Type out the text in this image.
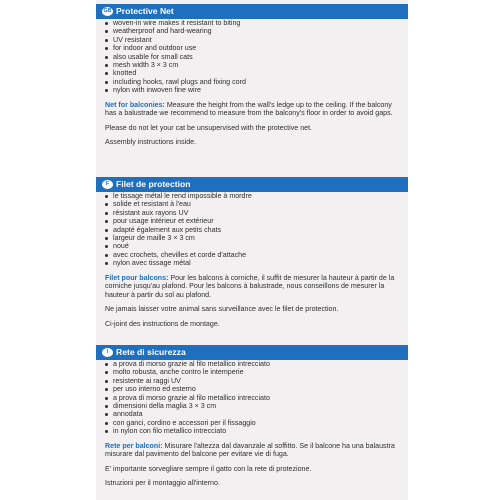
GB Protective Net
woven-in wire makes it resistant to biting
weatherproof and hard-wearing
UV resistant
for indoor and outdoor use
also usable for small cats
mesh width 3 × 3 cm
knotted
including hooks, rawl plugs and fixing cord
nylon with inwoven fine wire

Net for balconies: Measure the height from the wall's ledge up to the ceiling. If the balcony has a balustrade we recommend to measure from the balcony's floor in order to avoid gaps.

Please do not let your cat be unsupervised with the protective net.

Assembly instructions inside.

F Filet de protection
le tissage métal le rend impossible à mordre
solide et resistant à l'eau
résistant aux rayons UV
pour usage intérieur et extérieur
adapté également aux petits chats
largeur de maille 3 × 3 cm
noué
avec crochets, chevilles et corde d'attache
nylon avec tissage métal

Filet pour balcons: Pour les balcons à corniche, il suffit de mesurer la hauteur à partir de la corniche jusqu'au plafond. Pour les balcons à balustrade, nous conseillons de mesurer la hauteur à partir du sol au plafond.

Ne jamais laisser votre animal sans surveillance avec le filet de protection.

Ci-joint des instructions de montage.

I Rete di sicurezza
a prova di morso grazie al filo metallico intrecciato
molto robusta, anche contro le intemperie
resistente ai raggi UV
per uso interno ed esterno
a prova di morso grazie al filo metallico intrecciato
dimensioni della maglia 3 × 3 cm
annodata
con ganci, cordino e accessori per il fissaggio
in nylon con filo metallico intrecciato

Rete per balconi: Misurare l'altezza dal davanzale al soffitto. Se il balcone ha una balaustra misurare dal pavimento del balcone per evitare vie di fuga.

E' importante sorvegliare sempre il gatto con la rete di protezione.

Istruzioni per il montaggio all'interno.
